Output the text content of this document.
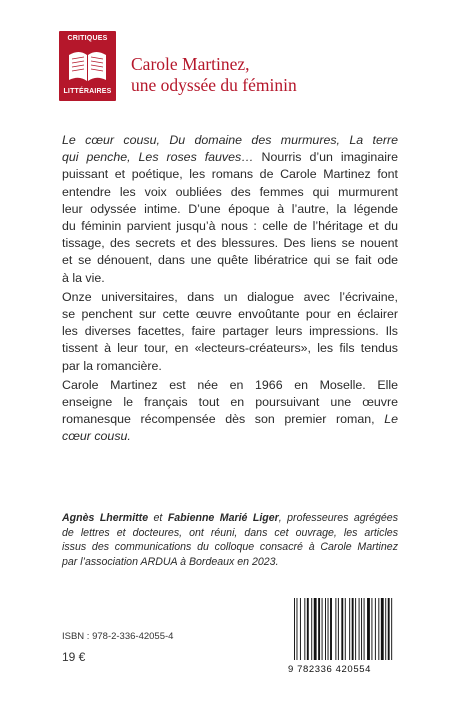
CRITIQUES
LITTÉRAIRES
Carole Martinez,
une odyssée du féminin

Le cœur cousu, Du domaine des murmures, La terre
qui penche, Les roses fauves… Nourris d’un imaginaire
puissant et poétique, les romans de Carole Martinez font
entendre les voix oubliées des femmes qui murmurent
leur odyssée intime. D’une époque à l’autre, la légende
du féminin parvient jusqu’à nous : celle de l’héritage et du
tissage, des secrets et des blessures. Des liens se nouent
et se dénouent, dans une quête libératrice qui se fait ode
à la vie.

Onze universitaires, dans un dialogue avec l’écrivaine,
se penchent sur cette œuvre envoûtante pour en éclairer
les diverses facettes, faire partager leurs impressions. Ils
tissent à leur tour, en «lecteurs-créateurs», les fils tendus
par la romancière.

Carole Martinez est née en 1966 en Moselle. Elle
enseigne le français tout en poursuivant une œuvre
romanesque récompensée dès son premier roman, Le
cœur cousu.

Agnès Lhermitte et Fabienne Marié Liger, professeures agrégées
de lettres et docteures, ont réuni, dans cet ouvrage, les articles
issus des communications du colloque consacré à Carole Martinez
par l’association ARDUA à Bordeaux en 2023.
ISBN : 978-2-336-42055-4
19 €
9 782336 420554
